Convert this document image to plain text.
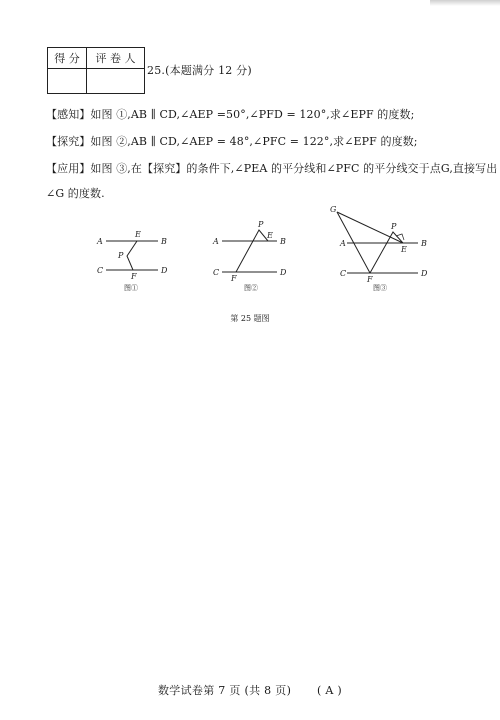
得 分	评 卷 人

25.(本题满分 12 分)
【感知】如图 ①,AB ∥ CD,∠AEP =50°,∠PFD = 120°,求∠EPF 的度数;
【探究】如图 ②,AB ∥ CD,∠AEP = 48°,∠PFC = 122°,求∠EPF 的度数;
【应用】如图 ③,在【探究】的条件下,∠PEA 的平分线和∠PFC 的平分线交于点G,直接写出
∠G 的度数.
A	B
C	D
E
P
F
A	B
C	D
E
P
F
A	B
C	D
E
P
F
G
图①	图②	图③
第 25 题图
数学试卷第 7 页 (共 8 页) ( A )
